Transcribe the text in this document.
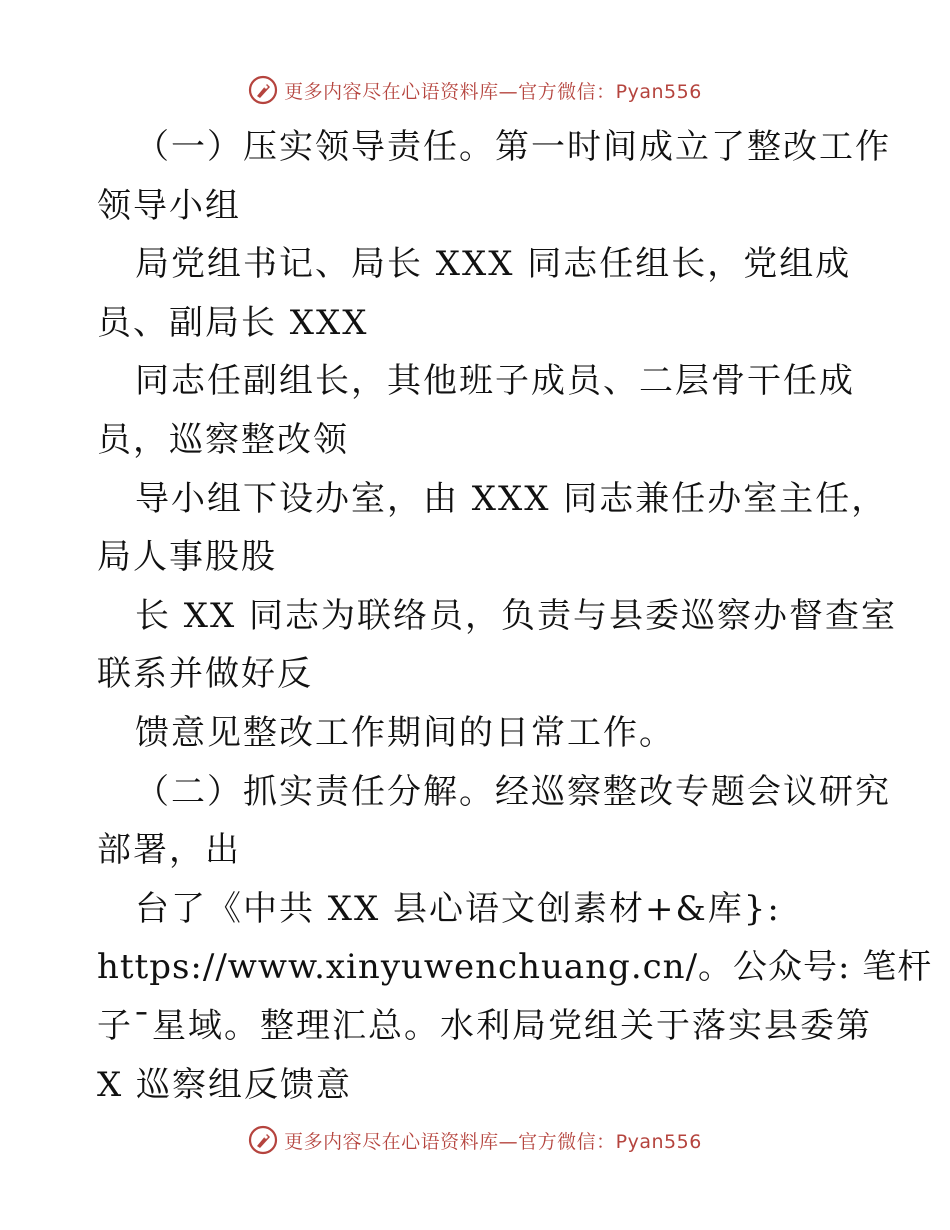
更多内容尽在心语资料库—官方微信：Pyan556
（一）压实领导责任。第一时间成立了整改工作
领导小组
局党组书记、局长 XXX 同志任组长，党组成
员、副局长 XXX
同志任副组长，其他班子成员、二层骨干任成
员，巡察整改领
导小组下设办室，由 XXX 同志兼任办室主任，
局人事股股
长 XX 同志为联络员，负责与县委巡察办督查室
联系并做好反
馈意见整改工作期间的日常工作。
（二）抓实责任分解。经巡察整改专题会议研究
部署，出
台了《中共 XX 县心语文创素材+&库}:
https://www.xinyuwenchuang.cn/。公众号: 笔杆
子¯星域。整理汇总。水利局党组关于落实县委第
X 巡察组反馈意
更多内容尽在心语资料库—官方微信：Pyan556
